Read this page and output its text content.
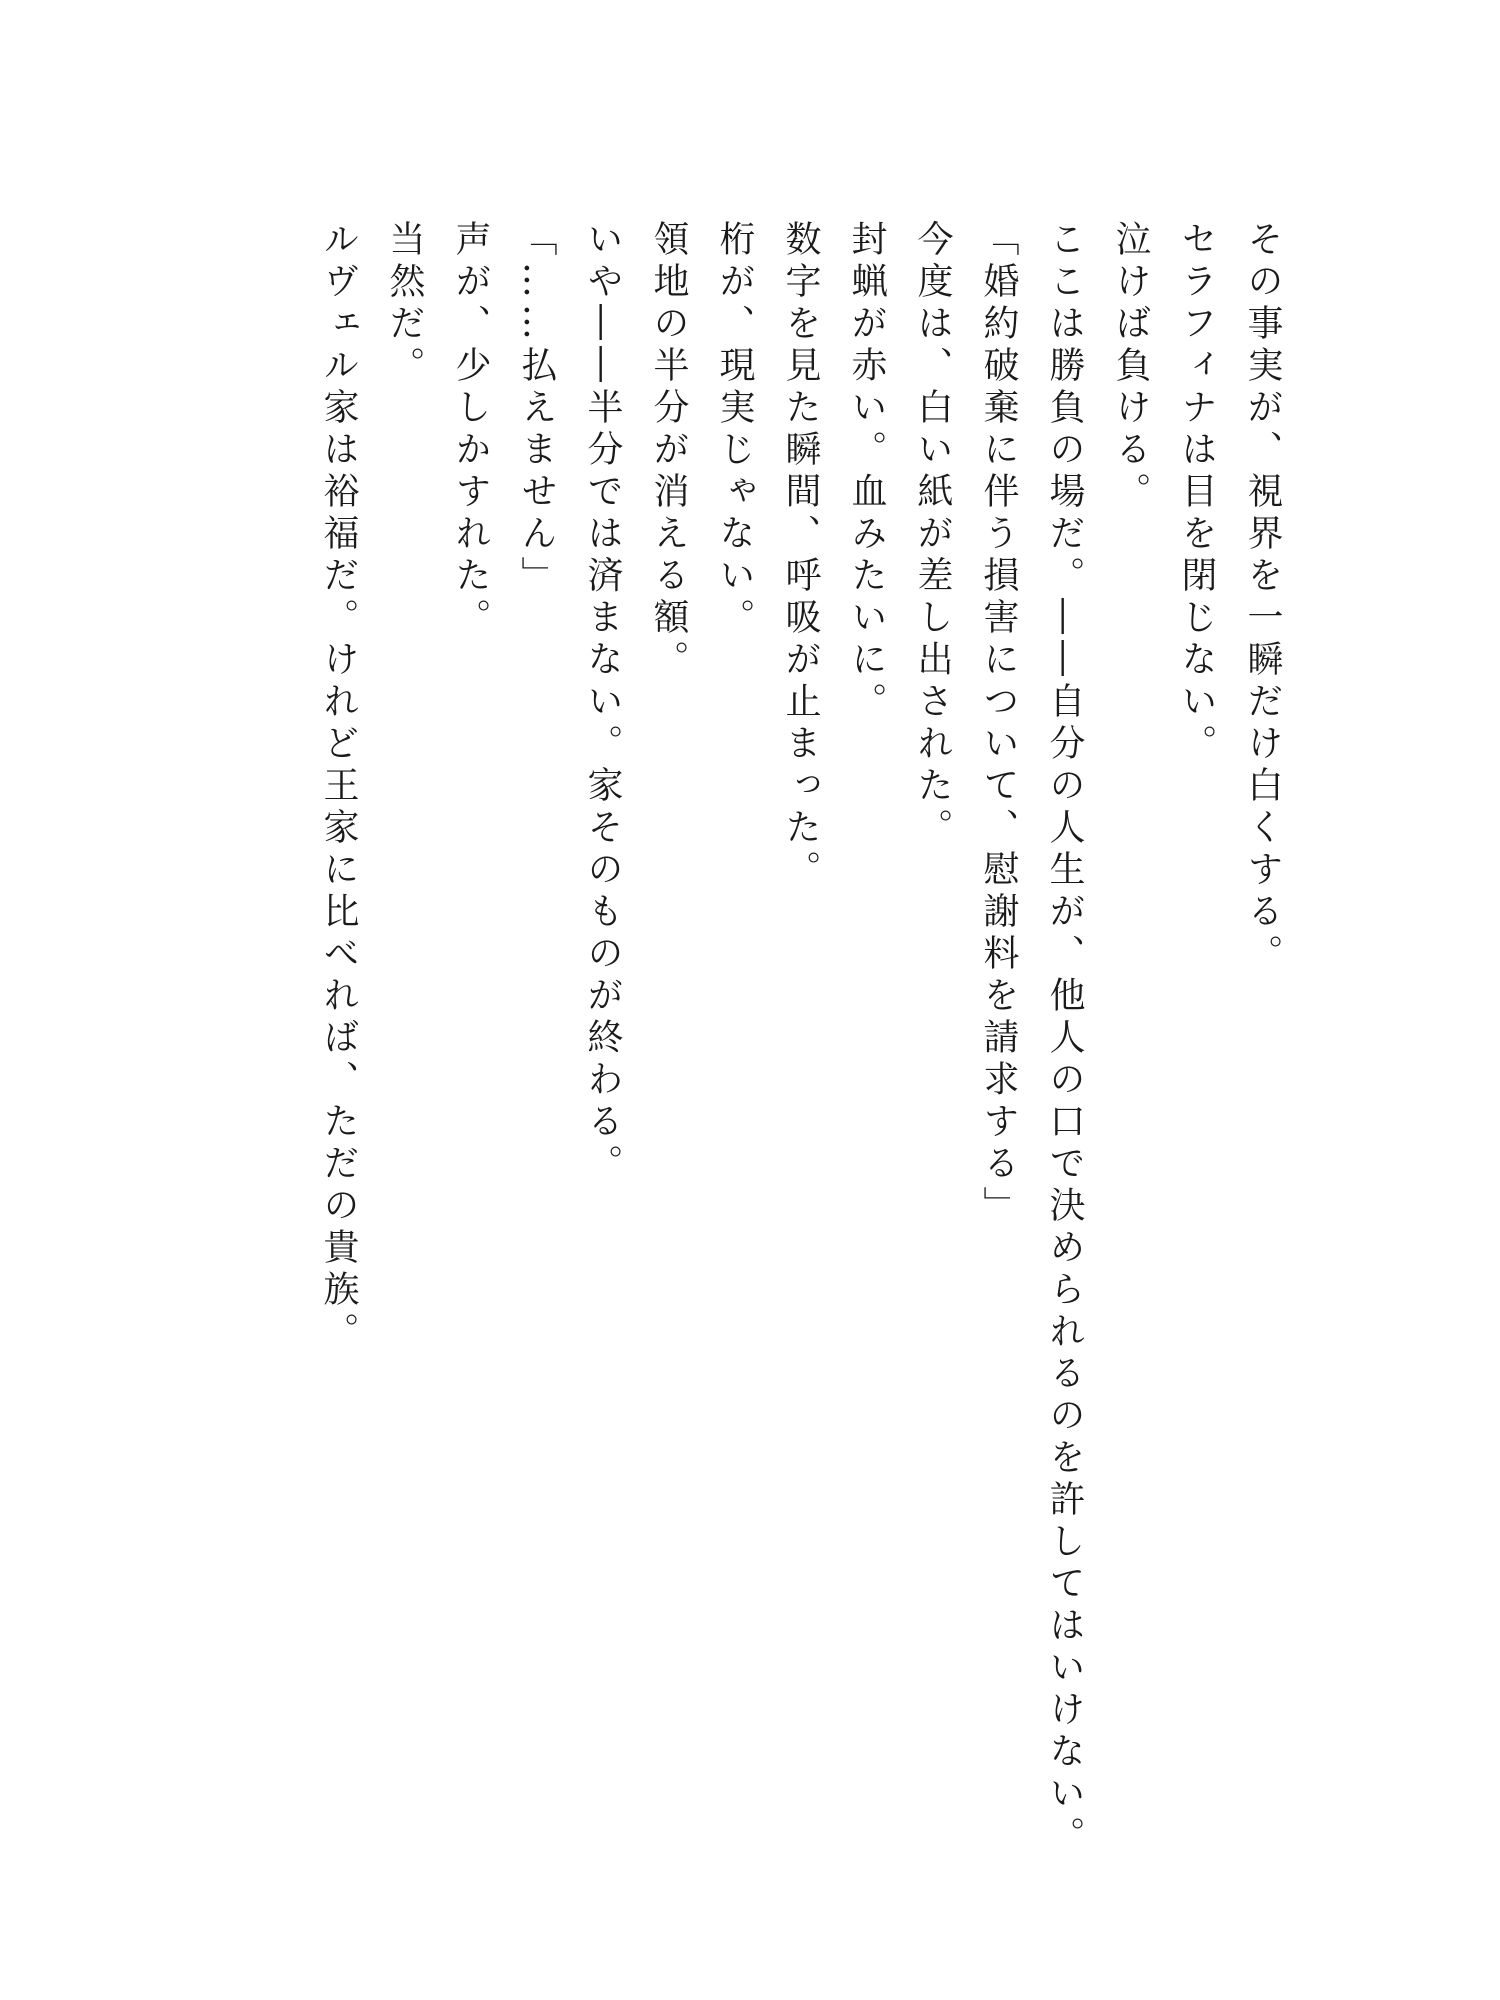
その事実が、視界を一瞬だけ白くする。

セラフィナは目を閉じない。

泣けば負ける。

ここは勝負の場だ。――自分の人生が、他人の口で決められるのを許してはいけない。

「婚約破棄に伴う損害について、慰謝料を請求する」

今度は、白い紙が差し出された。

封蝋が赤い。血みたいに。

数字を見た瞬間、呼吸が止まった。

桁が、現実じゃない。

領地の半分が消える額。

いや――半分では済まない。家そのものが終わる。

「……払えません」

声が、少しかすれた。

当然だ。

ルヴェル家は裕福だ。けれど王家に比べれば、ただの貴族。
